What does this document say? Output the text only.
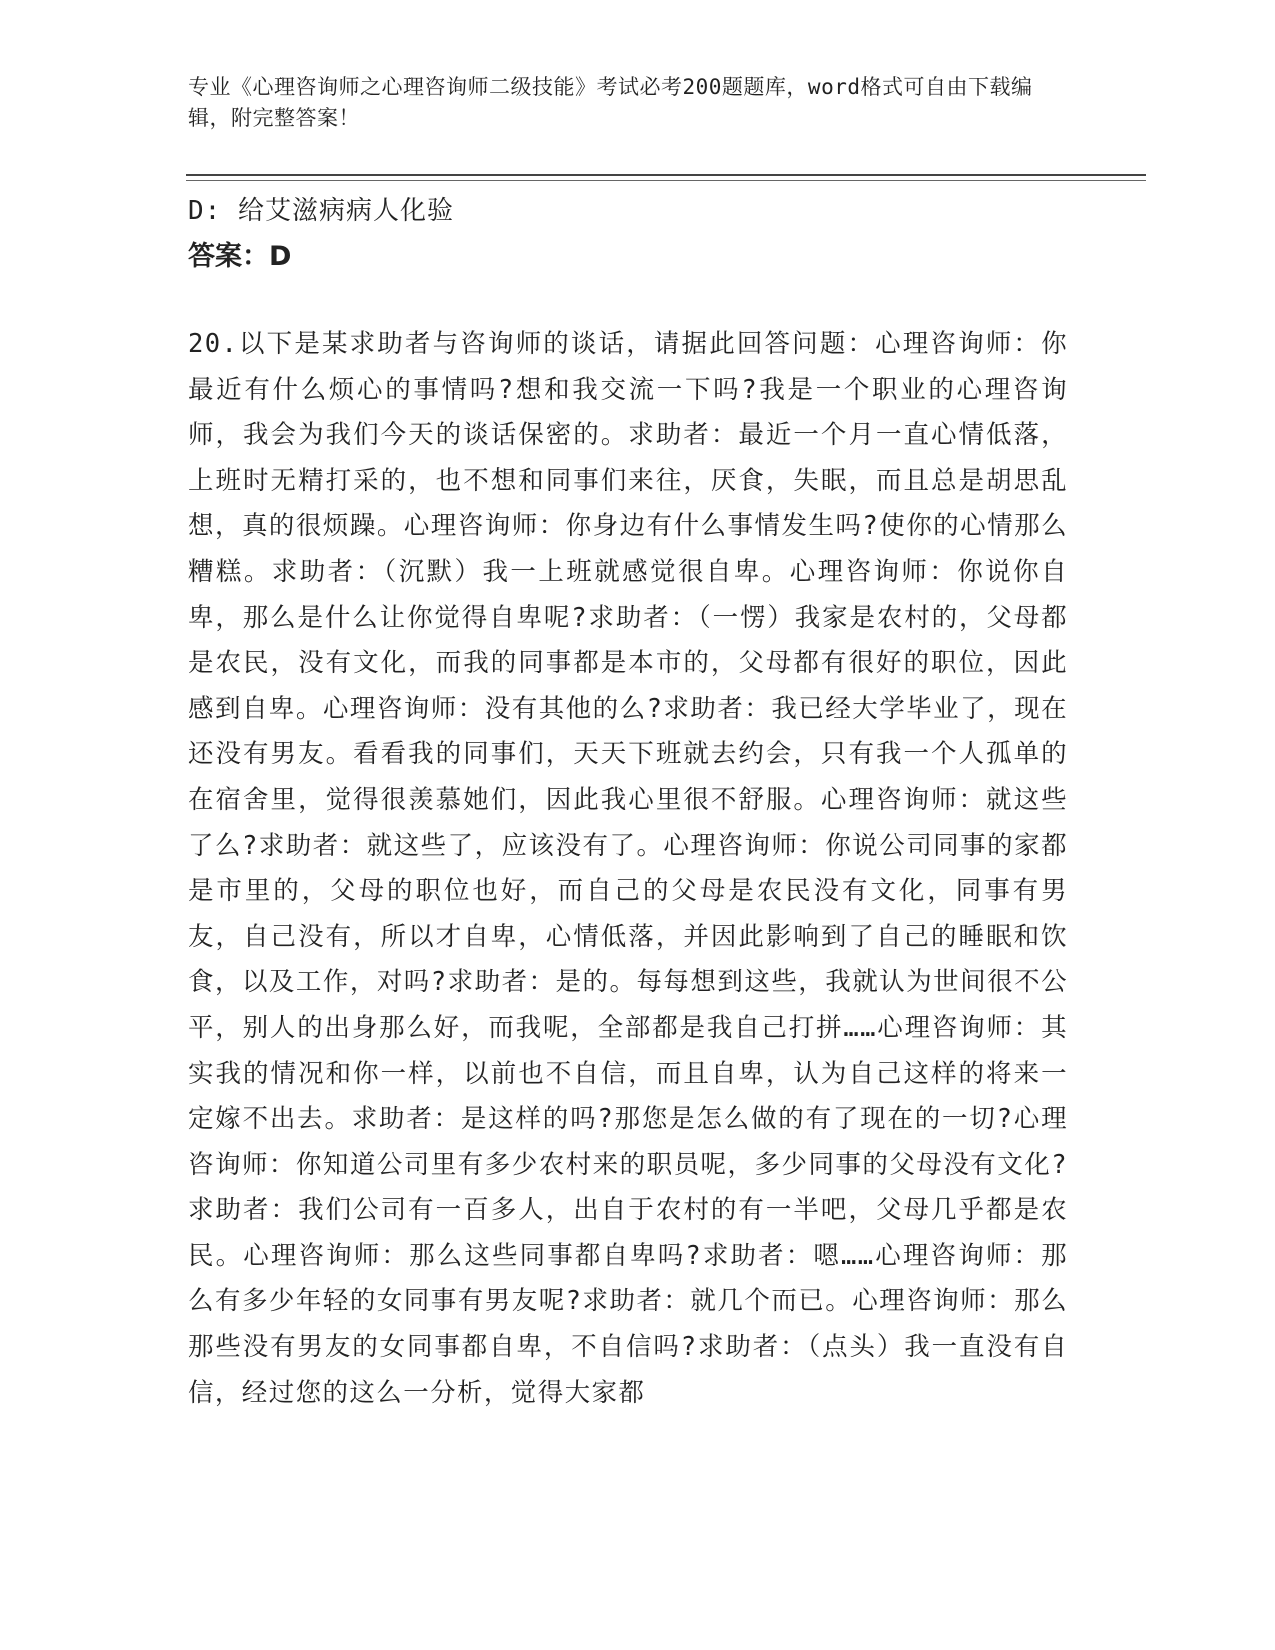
专业《心理咨询师之心理咨询师二级技能》考试必考200题题库，word格式可自由下载编辑，附完整答案！
D: 给艾滋病病人化验
答案：D
20.以下是某求助者与咨询师的谈话，请据此回答问题：心理咨询师：你最近有什么烦心的事情吗?想和我交流一下吗?我是一个职业的心理咨询师，我会为我们今天的谈话保密的。求助者：最近一个月一直心情低落，上班时无精打采的，也不想和同事们来往，厌食，失眠，而且总是胡思乱想，真的很烦躁。心理咨询师：你身边有什么事情发生吗?使你的心情那么糟糕。求助者：（沉默）我一上班就感觉很自卑。心理咨询师：你说你自卑，那么是什么让你觉得自卑呢?求助者：（一愣）我家是农村的，父母都是农民，没有文化，而我的同事都是本市的，父母都有很好的职位，因此感到自卑。心理咨询师：没有其他的么?求助者：我已经大学毕业了，现在还没有男友。看看我的同事们，天天下班就去约会，只有我一个人孤单的在宿舍里，觉得很羡慕她们，因此我心里很不舒服。心理咨询师：就这些了么?求助者：就这些了，应该没有了。心理咨询师：你说公司同事的家都是市里的，父母的职位也好，而自己的父母是农民没有文化，同事有男友，自己没有，所以才自卑，心情低落，并因此影响到了自己的睡眠和饮食，以及工作，对吗?求助者：是的。每每想到这些，我就认为世间很不公平，别人的出身那么好，而我呢，全部都是我自己打拼……心理咨询师：其实我的情况和你一样，以前也不自信，而且自卑，认为自己这样的将来一定嫁不出去。求助者：是这样的吗?那您是怎么做的有了现在的一切?心理咨询师：你知道公司里有多少农村来的职员呢，多少同事的父母没有文化?求助者：我们公司有一百多人，出自于农村的有一半吧，父母几乎都是农民。心理咨询师：那么这些同事都自卑吗?求助者：嗯……心理咨询师：那么有多少年轻的女同事有男友呢?求助者：就几个而已。心理咨询师：那么那些没有男友的女同事都自卑，不自信吗?求助者：（点头）我一直没有自信，经过您的这么一分析，觉得大家都
